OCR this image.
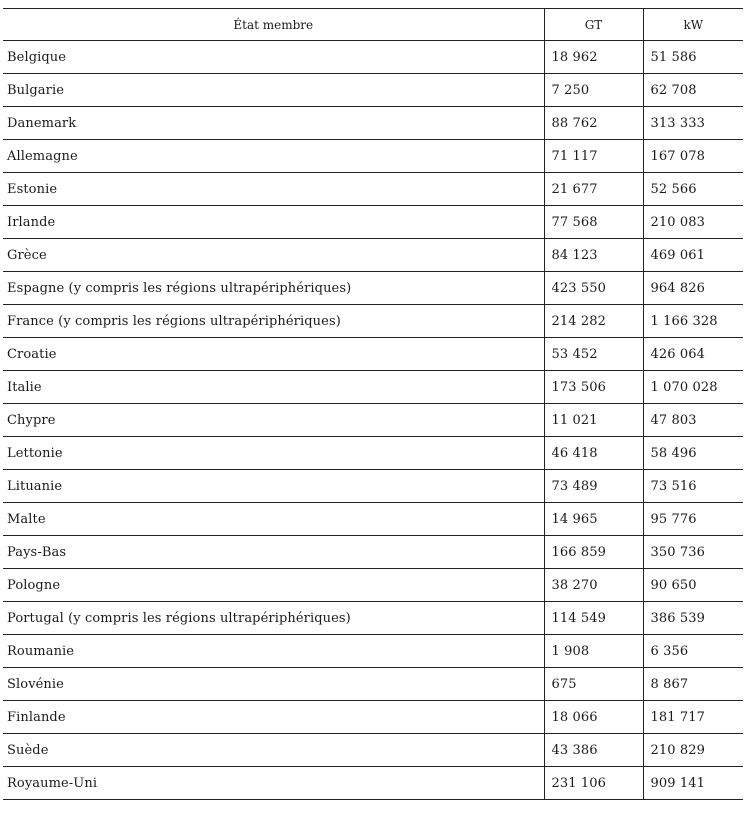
État membre	GT	kW
Belgique	18 962	51 586
Bulgarie	7 250	62 708
Danemark	88 762	313 333
Allemagne	71 117	167 078
Estonie	21 677	52 566
Irlande	77 568	210 083
Grèce	84 123	469 061
Espagne (y compris les régions ultrapériphériques)	423 550	964 826
France (y compris les régions ultrapériphériques)	214 282	1 166 328
Croatie	53 452	426 064
Italie	173 506	1 070 028
Chypre	11 021	47 803
Lettonie	46 418	58 496
Lituanie	73 489	73 516
Malte	14 965	95 776
Pays-Bas	166 859	350 736
Pologne	38 270	90 650
Portugal (y compris les régions ultrapériphériques)	114 549	386 539
Roumanie	1 908	6 356
Slovénie	675	8 867
Finlande	18 066	181 717
Suède	43 386	210 829
Royaume-Uni	231 106	909 141
